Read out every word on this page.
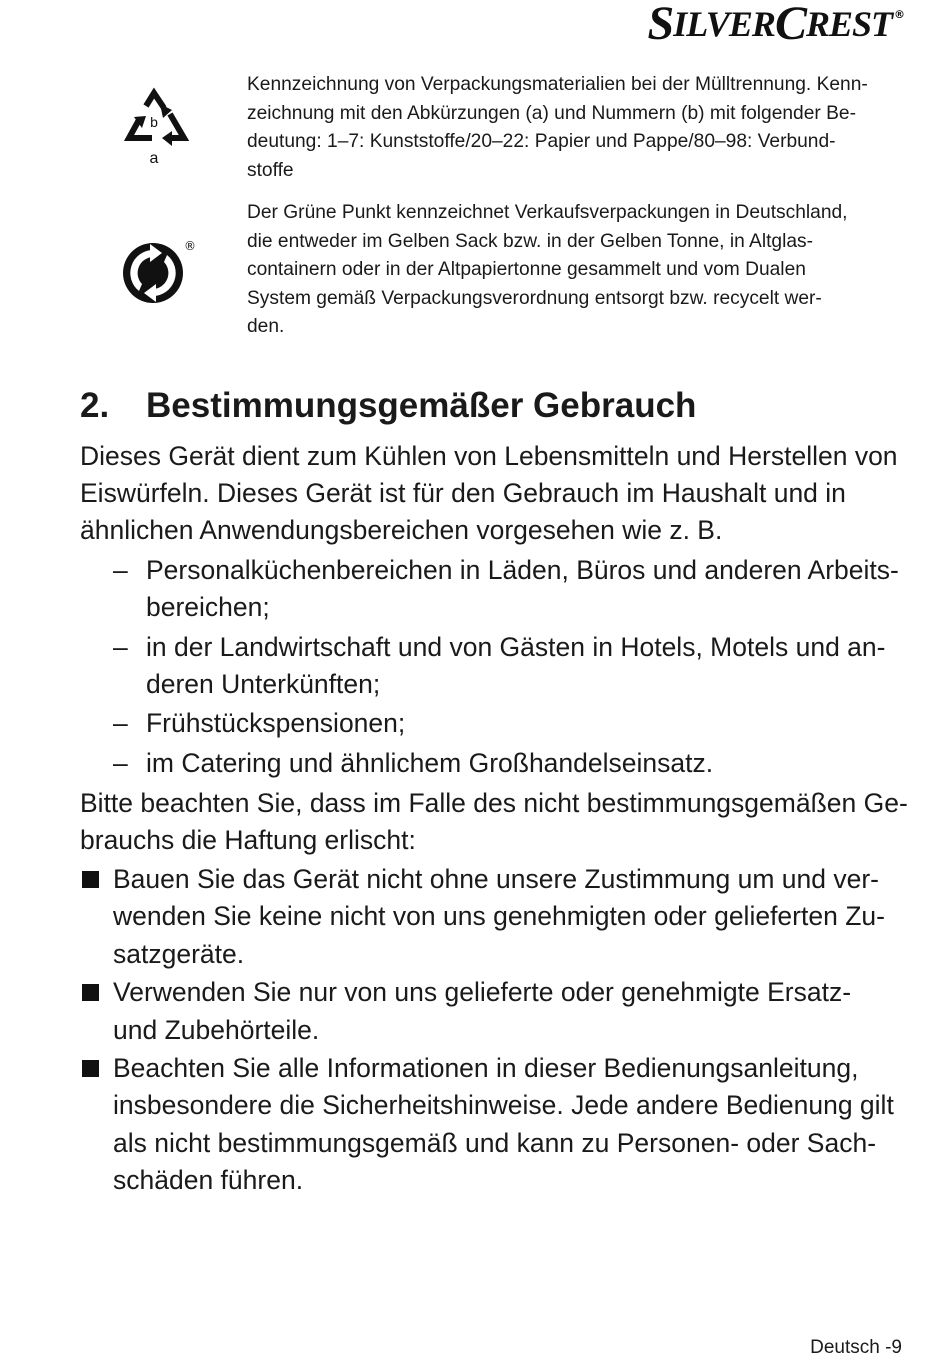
S ILVER C REST ®
b
a

Kennzeichnung von Verpackungsmaterialien bei der Mülltrennung. Kenn-
zeichnung mit den Abkürzungen (a) und Nummern (b) mit folgender Be-
deutung: 1–7: Kunststoffe/20–22: Papier und Pappe/80–98: Verbund-
stoffe

®

Der Grüne Punkt kennzeichnet Verkaufsverpackungen in Deutschland,
die entweder im Gelben Sack bzw. in der Gelben Tonne, in Altglas-
containern oder in der Altpapiertonne gesammelt und vom Dualen
System gemäß Verpackungsverordnung entsorgt bzw. recycelt wer-
den.

2. Bestimmungsgemäßer Gebrauch

Dieses Gerät dient zum Kühlen von Lebensmitteln und Herstellen von
Eiswürfeln. Dieses Gerät ist für den Gebrauch im Haushalt und in
ähnlichen Anwendungsbereichen vorgesehen wie z. B.

– Personalküchenbereichen in Läden, Büros und anderen Arbeits-
bereichen;
– in der Landwirtschaft und von Gästen in Hotels, Motels und an-
deren Unterkünften;
– Frühstückspensionen;
– im Catering und ähnlichem Großhandelseinsatz.

Bitte beachten Sie, dass im Falle des nicht bestimmungsgemäßen Ge-
brauchs die Haftung erlischt:

Bauen Sie das Gerät nicht ohne unsere Zustimmung um und ver-
wenden Sie keine nicht von uns genehmigten oder gelieferten Zu-
satzgeräte.
Verwenden Sie nur von uns gelieferte oder genehmigte Ersatz-
und Zubehörteile.
Beachten Sie alle Informationen in dieser Bedienungsanleitung,
insbesondere die Sicherheitshinweise. Jede andere Bedienung gilt
als nicht bestimmungsgemäß und kann zu Personen- oder Sach-
schäden führen.
Deutsch -9
